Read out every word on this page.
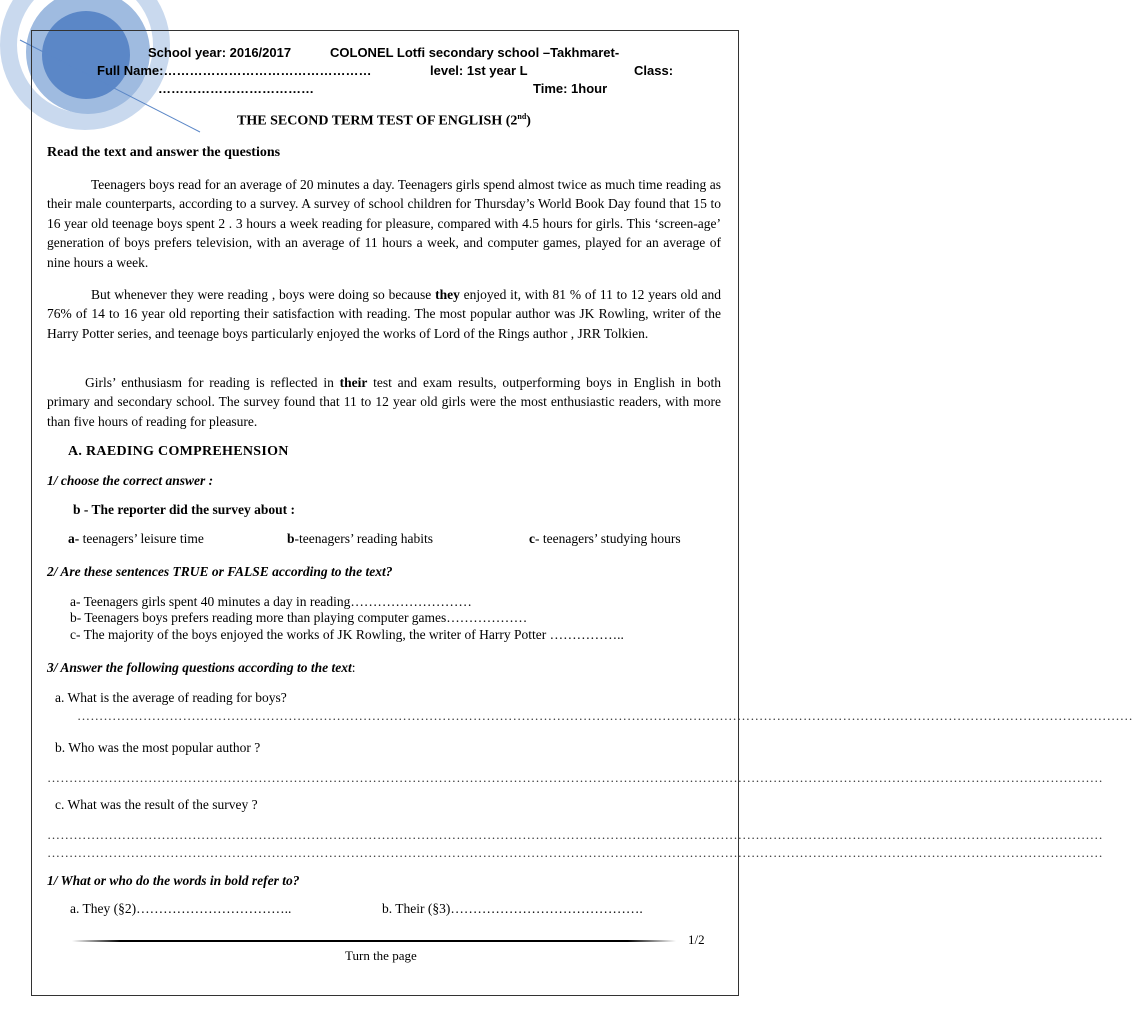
School year: 2016/2017	COLONEL Lotfi secondary school –Takhmaret-
Full Name:…………………………………………	level: 1st year L	Class:
………………………………	Time: 1hour
THE SECOND TERM TEST OF ENGLISH (2nd)
Read the text and answer the questions

Teenagers boys read for an average of 20 minutes a day. Teenagers girls spend almost twice as much time reading as their male counterparts, according to a survey. A survey of school children for Thursday’s World Book Day found that 15 to 16 year old teenage boys spent 2 . 3 hours a week reading for pleasure, compared with 4.5 hours for girls. This ‘screen-age’ generation of boys prefers television, with an average of 11 hours a week, and computer games, played for an average of nine hours a week.

But whenever they were reading , boys were doing so because they enjoyed it, with 81 % of 11 to 12 years old and 76% of 14 to 16 year old reporting their satisfaction with reading. The most popular author was JK Rowling, writer of the Harry Potter series, and teenage boys particularly enjoyed the works of Lord of the Rings author , JRR Tolkien.

Girls’ enthusiasm for reading is reflected in their test and exam results, outperforming boys in English in both primary and secondary school. The survey found that 11 to 12 year old girls were the most enthusiastic readers, with more than five hours of reading for pleasure.

A. RAEDING COMPREHENSION
1/ choose the correct answer :
b - The reporter did the survey about :
a- teenagers’ leisure time	b-teenagers’ reading habits	c- teenagers’ studying hours
2/ Are these sentences TRUE or FALSE according to the text?
a- Teenagers girls spent 40 minutes a day in reading………………………
b- Teenagers boys prefers reading more than playing computer games………………
c- The majority of the boys enjoyed the works of JK Rowling, the writer of Harry Potter ……………..
3/ Answer the following questions according to the text:
a. What is the average of reading for boys?
……………………………………………………………………………………………………………………………………………………………………………………………………………………
b. Who was the most popular author ?
……………………………………………………………………………………………………………………………………………………………………………………………………………………
c. What was the result of the survey ?
……………………………………………………………………………………………………………………………………………………………………………………………………………………
……………………………………………………………………………………………………………………………………………………………………………………………………………………
1/ What or who do the words in bold refer to?
a. They (§2)……………………………..	b. Their (§3)…………………………………….
1/2
Turn the page
